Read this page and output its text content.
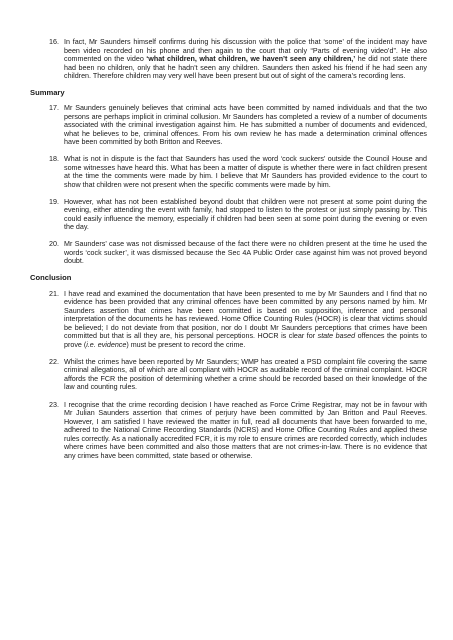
16. In fact, Mr Saunders himself confirms during his discussion with the police that ‘some’ of the incident may have been video recorded on his phone and then again to the court that only “Parts of evening video’d”. He also commented on the video ‘what children, what children, we haven’t seen any children,’ he did not state there had been no children, only that he hadn’t seen any children. Saunders then asked his friend if he had seen any children. Therefore children may very well have been present but out of sight of the camera’s recording lens.
Summary
17. Mr Saunders genuinely believes that criminal acts have been committed by named individuals and that the two persons are perhaps implicit in criminal collusion. Mr Saunders has completed a review of a number of documents associated with the criminal investigation against him. He has submitted a number of documents and evidenced, what he believes to be, criminal offences. From his own review he has made a determination criminal offences have been committed by both Britton and Reeves.
18. What is not in dispute is the fact that Saunders has used the word ‘cock suckers’ outside the Council House and some witnesses have heard this. What has been a matter of dispute is whether there were in fact children present at the time the comments were made by him. I believe that Mr Saunders has provided evidence to the court to show that children were not present when the specific comments were made by him.
19. However, what has not been established beyond doubt that children were not present at some point during the evening, either attending the event with family, had stopped to listen to the protest or just simply passing by. This could easily influence the memory, especially if children had been seen at some point during the evening or even the day.
20. Mr Saunders’ case was not dismissed because of the fact there were no children present at the time he used the words ‘cock sucker’, it was dismissed because the Sec 4A Public Order case against him was not proved beyond doubt.
Conclusion
21. I have read and examined the documentation that have been presented to me by Mr Saunders and I find that no evidence has been provided that any criminal offences have been committed by any persons named by him. Mr Saunders assertion that crimes have been committed is based on supposition, inference and personal interpretation of the documents he has reviewed. Home Office Counting Rules (HOCR) is clear that victims should be believed; I do not deviate from that position, nor do I doubt Mr Saunders perceptions that crimes have been committed but that is all they are, his personal perceptions. HOCR is clear for state based offences the points to prove (i.e. evidence) must be present to record the crime.
22. Whilst the crimes have been reported by Mr Saunders; WMP has created a PSD complaint file covering the same criminal allegations, all of which are all compliant with HOCR as auditable record of the criminal complaint. HOCR affords the FCR the position of determining whether a crime should be recorded based on their knowledge of the law and counting rules.
23. I recognise that the crime recording decision I have reached as Force Crime Registrar, may not be in favour with Mr Julian Saunders assertion that crimes of perjury have been committed by Jan Britton and Paul Reeves. However, I am satisfied I have reviewed the matter in full, read all documents that have been forwarded to me, adhered to the National Crime Recording Standards (NCRS) and Home Office Counting Rules and applied these rules correctly. As a nationally accredited FCR, it is my role to ensure crimes are recorded correctly, which includes where crimes have been committed and also those matters that are not crimes-in-law. There is no evidence that any crimes have been committed, state based or otherwise.
